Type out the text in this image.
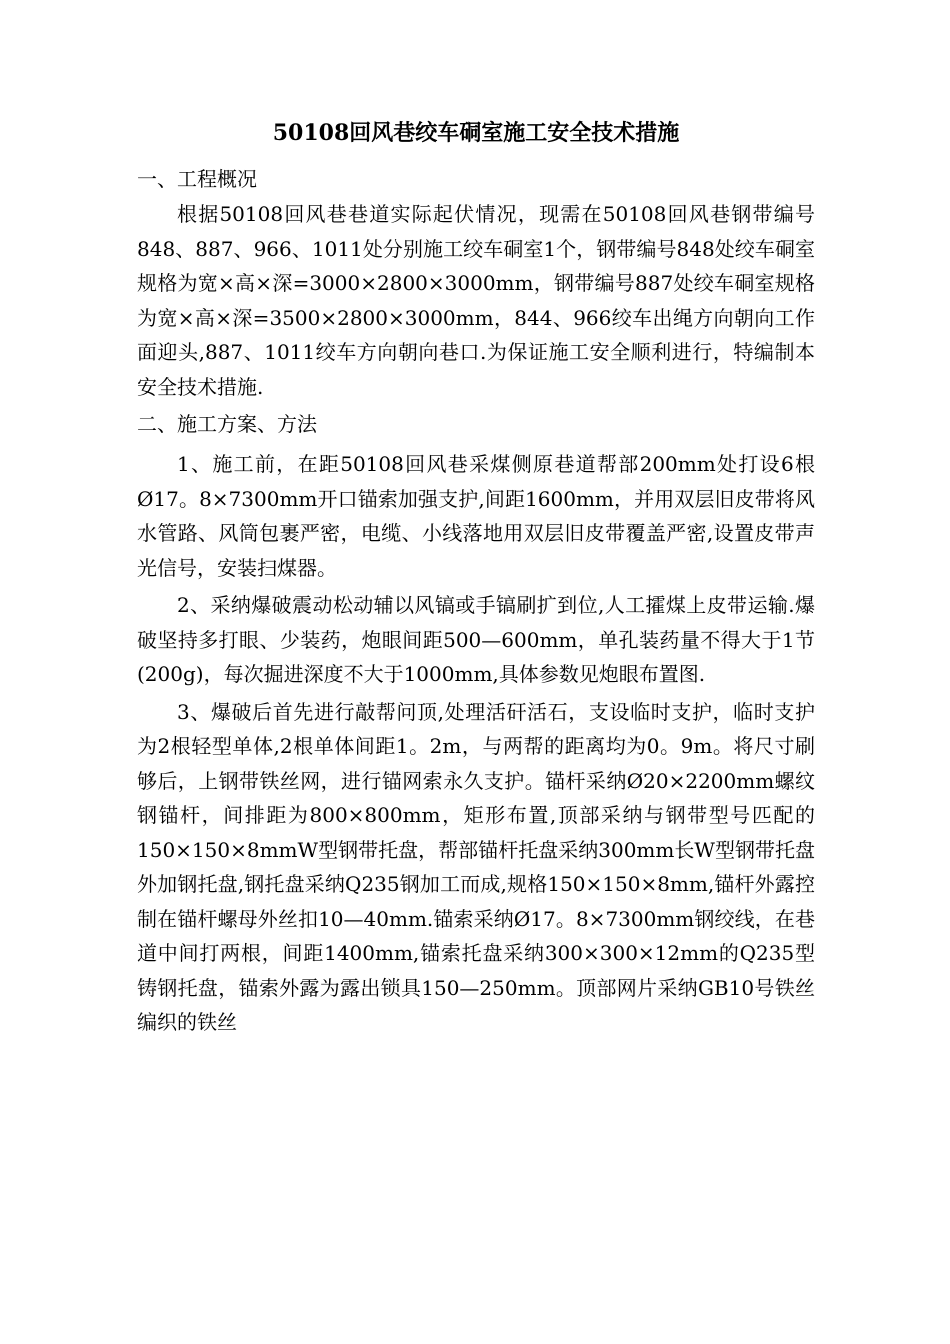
50108回风巷绞车硐室施工安全技术措施
一、工程概况

根据50108回风巷巷道实际起伏情况，现需在50108回风巷钢带编号848、887、966、1011处分别施工绞车硐室1个，钢带编号848处绞车硐室规格为宽×高×深=3000×2800×3000mm，钢带编号887处绞车硐室规格为宽×高×深=3500×2800×3000mm，844、966绞车出绳方向朝向工作面迎头,887、1011绞车方向朝向巷口.为保证施工安全顺利进行，特编制本安全技术措施.

二、施工方案、方法

1、施工前，在距50108回风巷采煤侧原巷道帮部200mm处打设6根Ø17。8×7300mm开口锚索加强支护,间距1600mm，并用双层旧皮带将风水管路、风筒包裹严密，电缆、小线落地用双层旧皮带覆盖严密,设置皮带声光信号，安装扫煤器。

2、采纳爆破震动松动辅以风镐或手镐刷扩到位,人工攉煤上皮带运输.爆破坚持多打眼、少装药，炮眼间距500—600mm，单孔装药量不得大于1节(200g)，每次掘进深度不大于1000mm,具体参数见炮眼布置图.

3、爆破后首先进行敲帮问顶,处理活矸活石，支设临时支护，临时支护为2根轻型单体,2根单体间距1。2m，与两帮的距离均为0。9m。将尺寸刷够后，上钢带铁丝网，进行锚网索永久支护。锚杆采纳Ø20×2200mm螺纹钢锚杆，间排距为800×800mm，矩形布置,顶部采纳与钢带型号匹配的150×150×8mmW型钢带托盘，帮部锚杆托盘采纳300mm长W型钢带托盘外加钢托盘,钢托盘采纳Q235钢加工而成,规格150×150×8mm,锚杆外露控制在锚杆螺母外丝扣10—40mm.锚索采纳Ø17。8×7300mm钢绞线，在巷道中间打两根，间距1400mm,锚索托盘采纳300×300×12mm的Q235型铸钢托盘，锚索外露为露出锁具150—250mm。顶部网片采纳GB10号铁丝编织的铁丝
